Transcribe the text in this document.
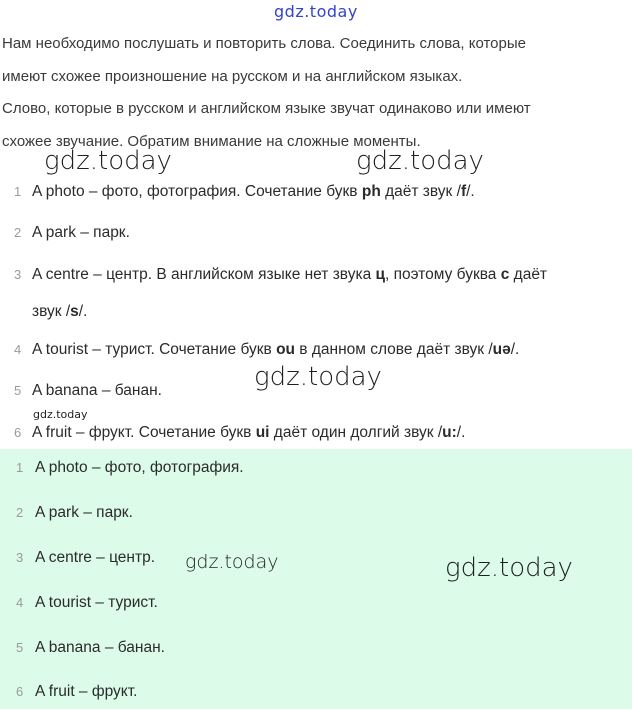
gdz.today

Нам необходимо послушать и повторить слова. Соединить слова, которые

имеют схожее произношение на русском и на английском языках.

Слово, которые в русском и английском языке звучат одинаково или имеют

схожее звучание. Обратим внимание на сложные моменты.

gdz.today	gdz.today
1 A photo – фото, фотография. Сочетание букв ph даёт звук /f/.
2 A park – парк.
3 A centre – центр. В английском языке нет звука ц, поэтому буква c даёт
звук /s/.
4 A tourist – турист. Сочетание букв ou в данном слове даёт звук /uə/.
5 A banana – банан.
6 A fruit – фрукт. Сочетание букв ui даёт один долгий звук /u:/.
gdz.today
gdz.today
1 A photo – фото, фотография.
2 A park – парк.
3 A centre – центр.
4 A tourist – турист.
5 A banana – банан.
6 A fruit – фрукт.
gdz.today	gdz.today
